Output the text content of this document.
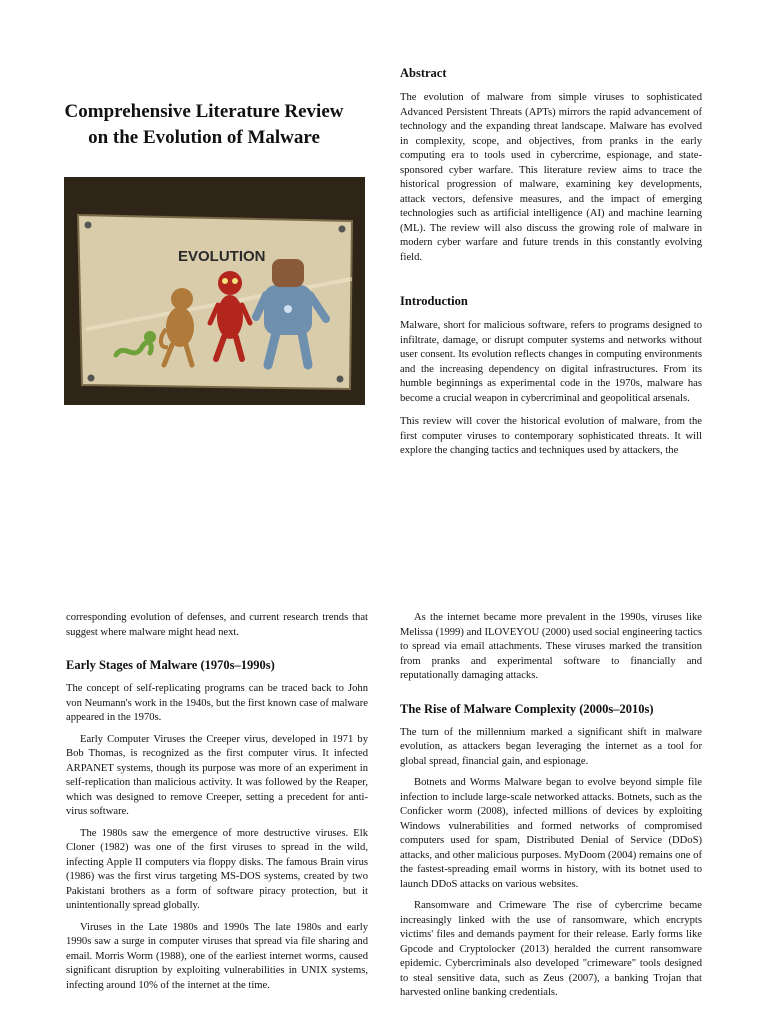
Comprehensive Literature Review on the Evolution of Malware
EVOLUTION
Abstract

The evolution of malware from simple viruses to sophisticated Advanced Persistent Threats (APTs) mirrors the rapid advancement of technology and the expanding threat landscape. Malware has evolved in complexity, scope, and objectives, from pranks in the early computing era to tools used in cybercrime, espionage, and state-sponsored cyber warfare. This literature review aims to trace the historical progression of malware, examining key developments, attack vectors, defensive measures, and the impact of emerging technologies such as artificial intelligence (AI) and machine learning (ML). The review will also discuss the growing role of malware in modern cyber warfare and future trends in this constantly evolving field.

Introduction

Malware, short for malicious software, refers to programs designed to infiltrate, damage, or disrupt computer systems and networks without user consent. Its evolution reflects changes in computing environments and the increasing dependency on digital infrastructures. From its humble beginnings as experimental code in the 1970s, malware has become a crucial weapon in cybercriminal and geopolitical arsenals.

This review will cover the historical evolution of malware, from the first computer viruses to contemporary sophisticated threats. It will explore the changing tactics and techniques used by attackers, the

corresponding evolution of defenses, and current research trends that suggest where malware might head next.

Early Stages of Malware (1970s–1990s)

The concept of self-replicating programs can be traced back to John von Neumann's work in the 1940s, but the first known case of malware appeared in the 1970s.

Early Computer Viruses the Creeper virus, developed in 1971 by Bob Thomas, is recognized as the first computer virus. It infected ARPANET systems, though its purpose was more of an experiment in self-replication than malicious activity. It was followed by the Reaper, which was designed to remove Creeper, setting a precedent for anti-virus software.

The 1980s saw the emergence of more destructive viruses. Elk Cloner (1982) was one of the first viruses to spread in the wild, infecting Apple II computers via floppy disks. The famous Brain virus (1986) was the first virus targeting MS-DOS systems, created by two Pakistani brothers as a form of software piracy protection, but it unintentionally spread globally.

Viruses in the Late 1980s and 1990s The late 1980s and early 1990s saw a surge in computer viruses that spread via file sharing and email. Morris Worm (1988), one of the earliest internet worms, caused significant disruption by exploiting vulnerabilities in UNIX systems, infecting around 10% of the internet at the time.

As the internet became more prevalent in the 1990s, viruses like Melissa (1999) and ILOVEYOU (2000) used social engineering tactics to spread via email attachments. These viruses marked the transition from pranks and experimental software to financially and reputationally damaging attacks.

The Rise of Malware Complexity (2000s–2010s)

The turn of the millennium marked a significant shift in malware evolution, as attackers began leveraging the internet as a tool for global spread, financial gain, and espionage.

Botnets and Worms Malware began to evolve beyond simple file infection to include large-scale networked attacks. Botnets, such as the Conficker worm (2008), infected millions of devices by exploiting Windows vulnerabilities and formed networks of compromised computers used for spam, Distributed Denial of Service (DDoS) attacks, and other malicious purposes. MyDoom (2004) remains one of the fastest-spreading email worms in history, with its botnet used to launch DDoS attacks on various websites.

Ransomware and Crimeware The rise of cybercrime became increasingly linked with the use of ransomware, which encrypts victims' files and demands payment for their release. Early forms like Gpcode and Cryptolocker (2013) heralded the current ransomware epidemic. Cybercriminals also developed "crimeware" tools designed to steal sensitive data, such as Zeus (2007), a banking Trojan that harvested online banking credentials.
